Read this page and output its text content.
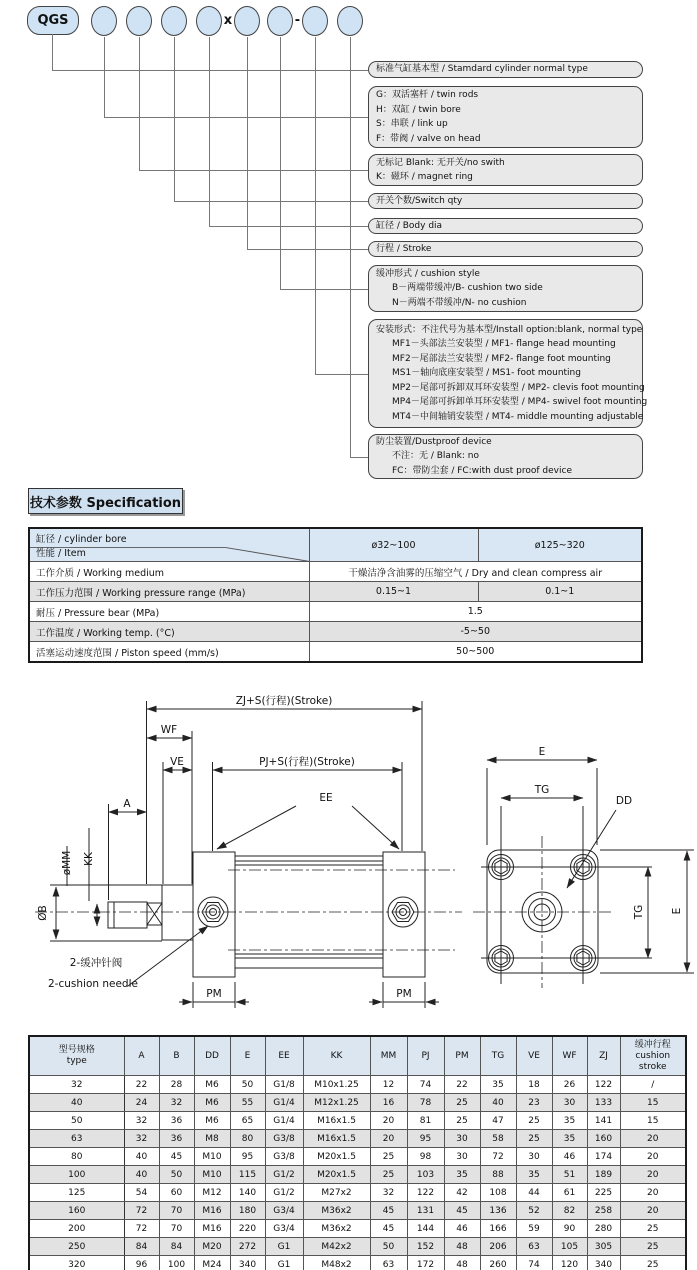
QGS	x	-
标准气缸基本型 / Stamdard cylinder normal type
G：双活塞杆 / twin rods
H：双缸 / twin bore
S：串联 / link up
F：带阀 / valve on head
无标记 Blank: 无开关/no swith
K：磁环 / magnet ring
开关个数/Switch qty
缸径 / Body dia
行程 / Stroke
缓冲形式 / cushion style
B－两端带缓冲/B- cushion two side
N－两端不带缓冲/N- no cushion
安装形式：不注代号为基本型/Install option:blank, normal type
MF1－头部法兰安装型 / MF1- flange head mounting
MF2－尾部法兰安装型 / MF2- flange foot mounting
MS1－轴向底座安装型 / MS1- foot mounting
MP2－尾部可拆卸双耳环安装型 / MP2- clevis foot mounting
MP4－尾部可拆卸单耳环安装型 / MP4- swivel foot mounting
MT4－中间轴销安装型 / MT4- middle mounting adjustable
防尘装置/Dustproof device
不注：无 / Blank: no
FC：带防尘套 / FC:with dust proof device
技术参数 Specification
缸径 / cylinder bore
性能 / Item	ø32~100	ø125~320
工作介质 / Working medium	干燥洁净含油雾的压缩空气 / Dry and clean compress air	
工作压力范围 / Working pressure range (MPa)	0.15~1	0.1~1
耐压 / Pressure bear (MPa)	1.5	
工作温度 / Working temp. (°C)	-5~50	
活塞运动速度范围 / Piston speed (mm/s)	50~500	
ZJ+S(行程)(Stroke)
WF
VE	PJ+S(行程)(Stroke)
A	EE
øMM KK
ØB
2-缓冲针阀
2-cushion needle
PM	PM
E
TG
DD
TG E
型号规格
type
	A	B	DD	E	EE	KK	MM	PJ	PM	TG	VE	WF	ZJ	
缓冲行程
cushion stroke

32	22	28	M6	50	G1/8	M10x1.25	12	74	22	35	18	26	122	/
40	24	32	M6	55	G1/4	M12x1.25	16	78	25	40	23	30	133	15
50	32	36	M6	65	G1/4	M16x1.5	20	81	25	47	25	35	141	15
63	32	36	M8	80	G3/8	M16x1.5	20	95	30	58	25	35	160	20
80	40	45	M10	95	G3/8	M20x1.5	25	98	30	72	30	46	174	20
100	40	50	M10	115	G1/2	M20x1.5	25	103	35	88	35	51	189	20
125	54	60	M12	140	G1/2	M27x2	32	122	42	108	44	61	225	20
160	72	70	M16	180	G3/4	M36x2	45	131	45	136	52	82	258	20
200	72	70	M16	220	G3/4	M36x2	45	144	46	166	59	90	280	25
250	84	84	M20	272	G1	M42x2	50	152	48	206	63	105	305	25
320	96	100	M24	340	G1	M48x2	63	172	48	260	74	120	340	25
